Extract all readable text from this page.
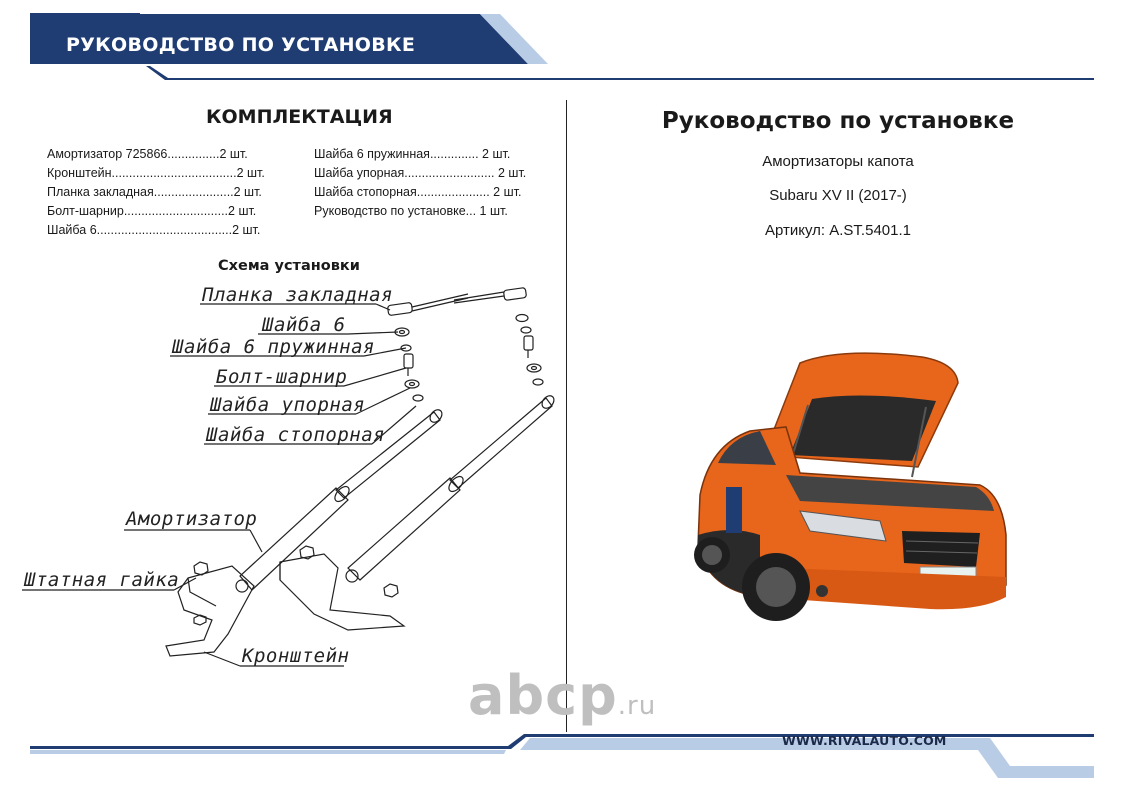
РУКОВОДСТВО ПО УСТАНОВКЕ
КОМПЛЕКТАЦИЯ
Амортизатор 725866...............2 шт.
Кронштейн....................................2 шт.
Планка закладная.......................2 шт.
Болт-шарнир..............................2 шт.
Шайба 6.......................................2 шт.
Шайба 6 пружинная.............. 2 шт.
Шайба упорная.......................... 2 шт.
Шайба стопорная..................... 2 шт.
Руководство по установке... 1 шт.
Схема установки
Планка закладная
Шайба 6
Шайба 6 пружинная
Болт-шарнир
Шайба упорная
Шайба стопорная
Амортизатор
Штатная гайка
Кронштейн
Руководство по установке
Амортизаторы капота
Subaru XV II (2017-)
Артикул: A.ST.5401.1
abcp.ru
WWW.RIVALAUTO.COM
